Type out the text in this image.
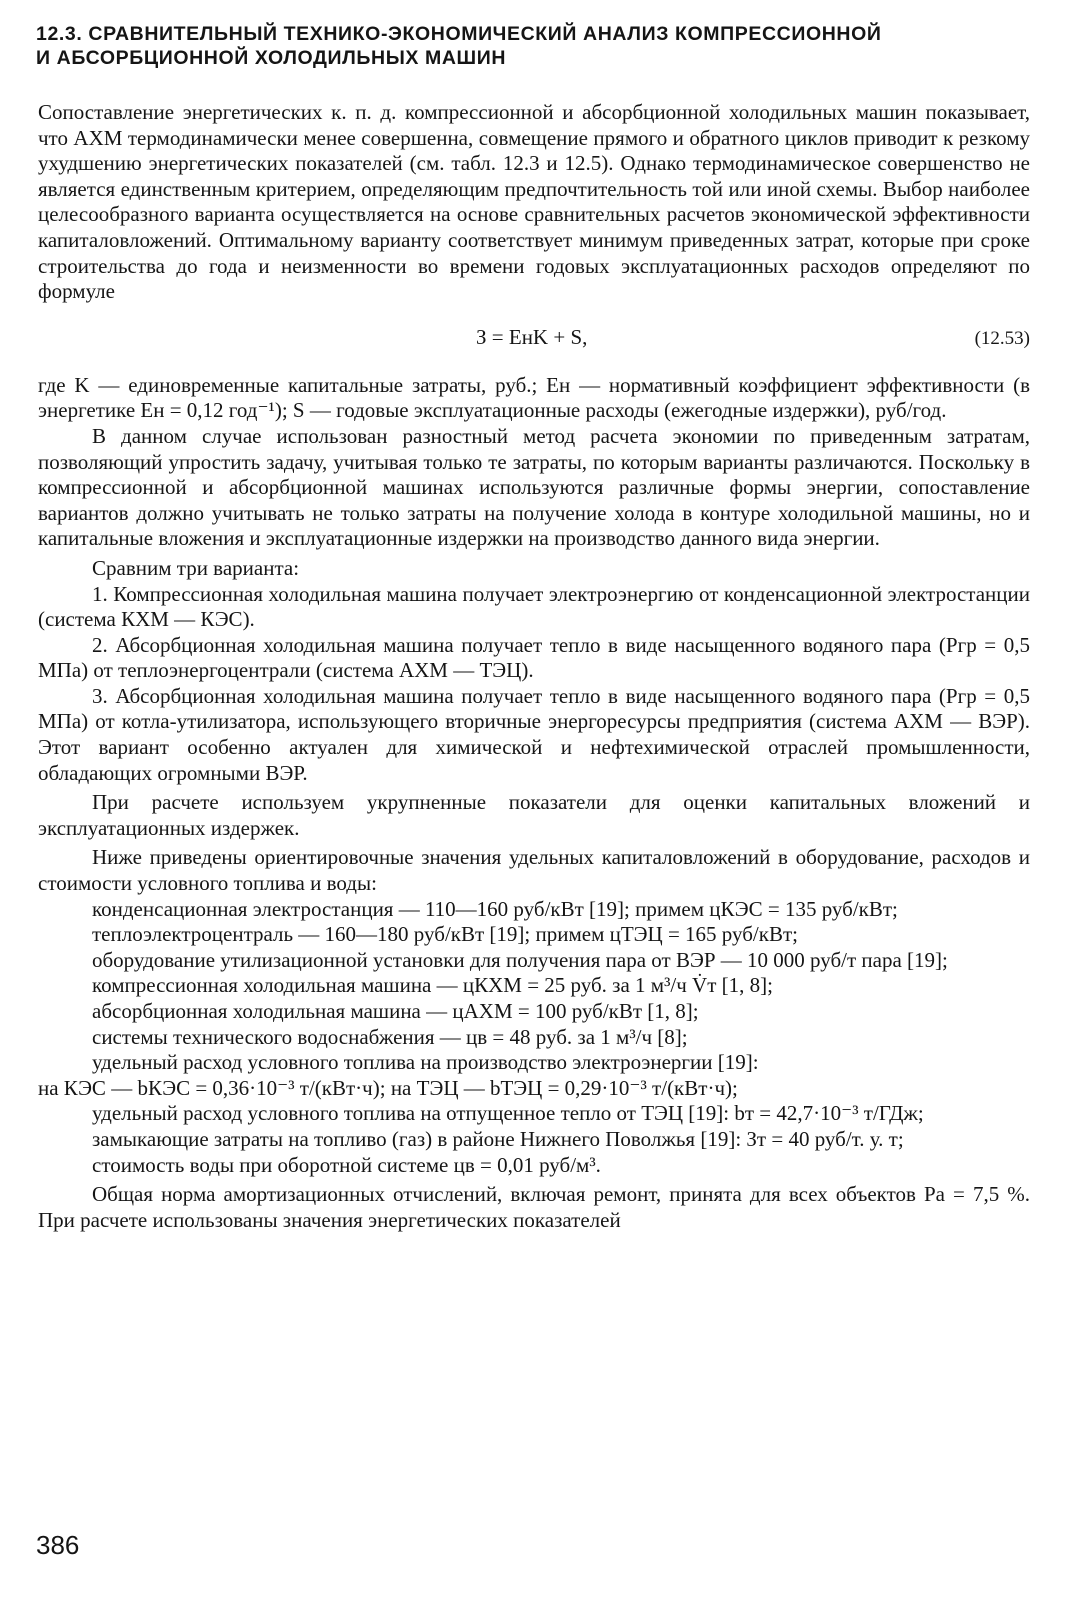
12.3. СРАВНИТЕЛЬНЫЙ ТЕХНИКО-ЭКОНОМИЧЕСКИЙ АНАЛИЗ КОМПРЕССИОННОЙ
И АБСОРБЦИОННОЙ ХОЛОДИЛЬНЫХ МАШИН

Сопоставление энергетических к. п. д. компрессионной и абсорбционной холодильных машин показывает, что АХМ термодинамически менее совершенна, совмещение прямого и обратного циклов приводит к резкому ухудшению энергетических показателей (см. табл. 12.3 и 12.5). Однако термодинамическое совершенство не является единственным критерием, определяющим предпочтительность той или иной схемы. Выбор наиболее целесообразного варианта осуществляется на основе сравнительных расчетов экономической эффективности капиталовложений. Оптимальному варианту соответствует минимум приведенных затрат, которые при сроке строительства до года и неизменности во времени годовых эксплуатационных расходов определяют по формуле

З = EнK + S,	(12.53)

где K — единовременные капитальные затраты, руб.; Eн — нормативный коэффициент эффективности (в энергетике Eн = 0,12 год⁻¹); S — годовые эксплуатационные расходы (ежегодные издержки), руб/год.

В данном случае использован разностный метод расчета экономии по приведенным затратам, позволяющий упростить задачу, учитывая только те затраты, по которым варианты различаются. Поскольку в компрессионной и абсорбционной машинах используются различные формы энергии, сопоставление вариантов должно учитывать не только затраты на получение холода в контуре холодильной машины, но и капитальные вложения и эксплуатационные издержки на производство данного вида энергии.

Сравним три варианта:

1. Компрессионная холодильная машина получает электроэнергию от конденсационной электростанции (система КХМ — КЭС).

2. Абсорбционная холодильная машина получает тепло в виде насыщенного водяного пара (Pгр = 0,5 МПа) от теплоэнергоцентрали (система АХМ — ТЭЦ).

3. Абсорбционная холодильная машина получает тепло в виде насыщенного водяного пара (Pгр = 0,5 МПа) от котла-утилизатора, использующего вторичные энергоресурсы предприятия (система АХМ — ВЭР). Этот вариант особенно актуален для химической и нефтехимической отраслей промышленности, обладающих огромными ВЭР.

При расчете используем укрупненные показатели для оценки капитальных вложений и эксплуатационных издержек.

Ниже приведены ориентировочные значения удельных капиталовложений в оборудование, расходов и стоимости условного топлива и воды:

конденсационная электростанция — 110—160 руб/кВт [19]; примем цКЭС = 135 руб/кВт;

теплоэлектроцентраль — 160—180 руб/кВт [19]; примем цТЭЦ = 165 руб/кВт;

оборудование утилизационной установки для получения пара от ВЭР — 10 000 руб/т пара [19];

компрессионная холодильная машина — цКХМ = 25 руб. за 1 м³/ч V̇т [1, 8];

абсорбционная холодильная машина — цАХМ = 100 руб/кВт [1, 8];

системы технического водоснабжения — цв = 48 руб. за 1 м³/ч [8];

удельный расход условного топлива на производство электроэнергии [19]:

на КЭС — bКЭС = 0,36·10⁻³ т/(кВт·ч); на ТЭЦ — bТЭЦ = 0,29·10⁻³ т/(кВт·ч);

удельный расход условного топлива на отпущенное тепло от ТЭЦ [19]: bт = 42,7·10⁻³ т/ГДж;

замыкающие затраты на топливо (газ) в районе Нижнего Поволжья [19]: Зт = 40 руб/т. у. т;

стоимость воды при оборотной системе цв = 0,01 руб/м³.

Общая норма амортизационных отчислений, включая ремонт, принята для всех объектов Pа = 7,5 %. При расчете использованы значения энергетических показателей

386
